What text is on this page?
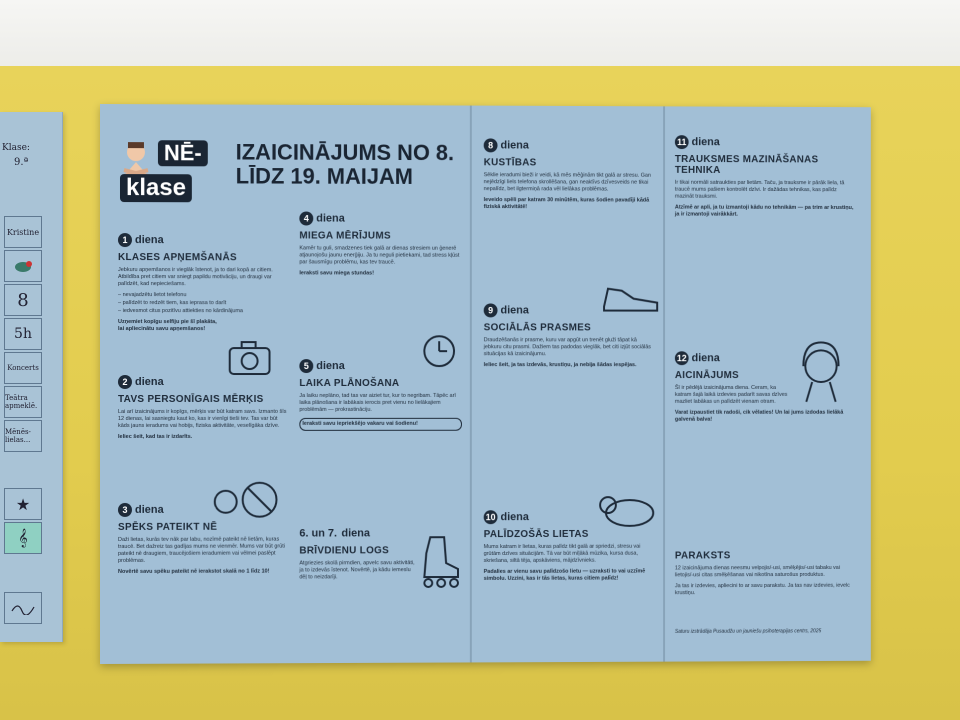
Klase:
9.ª
Kristine
8
5h
Koncerts
Teātra apmeklē.
Mēnēs-lielas...
★
𝄞
NĒ-
klase
IZAICINĀJUMS NO 8. LĪDZ 19. MAIJAM
1 diena
KLASES APŅEMŠANĀS
Jebkuru apņemšanos ir vieglāk īstenot, ja to dari kopā ar citiem. Atbildība pret citiem var sniegt papildu motivāciju, un draugi var palīdzēt, kad nepieciešams.
– nevajadzētu lietot telefonu
– palīdzēt to redzēt tiem, kas ieprasa to darīt
– iedvesmot citus pozitīvu attiekties no kārdinājuma
Uzņemiet kopīgu selfiju pie šī plakāta, lai apliecinātu savu apņemšanos!
2 diena
TAVS PERSONĪGAIS MĒRĶIS
Lai arī izaicinājums ir kopīgs, mērķis var būt katram savs. Izmanto šīs 12 dienas, lai sasniegtu kaut ko, kas ir vienīgi tieši tev. Tas var būt kāds jauns ieradums vai hobijs, fiziska aktivitāte, veselīgāka dzīve.
Ieliec šeit, kad tas ir izdarīts.
3 diena
SPĒKS PATEIKT NĒ
Daži lietas, kurās tev nāk par labu, nozīmē pateikt nē lietām, kuras traucē. Bet dažreiz tas gadījas mums ne vienmēr. Mums var būt grūti pateikt nē draugiem, traucējošiem ieradumiem vai vēlmei paslēpt problēmas.
Novērtē savu spēku pateikt nē ierakstot skalā no 1 līdz 10!
4 diena
MIEGA MĒRĪJUMS
Kamēr tu guli, smadzenes tiek galā ar dienas stresiem un ģenerē atjaunojošu jaunu enerģiju. Ja tu neguli pietiekami, tad stress kļūst par šausmīgu problēmu, kas tev traucē.
Ieraksti savu miega stundas!
5 diena
LAIKA PLĀNOŠANA
Ja laiku neplāno, tad tas var aiziet tur, kur to negribam. Tāpēc arī laika plānošana ir labākais ierocis pret vienu no lielākajiem problēmām — prokrastināciju.
Ieraksti savu iepriekšējo vakaru vai šodienu!
6. un 7. diena
BRĪVDIENU LOGS
Atgriezies skolā pirmdien, apvelc savu aktivitāti, ja to izdevās īstenot. Novērtē, ja kādu iemeslu dēļ to neizdarīji.
8 diena
KUSTĪBAS
Sēklie ieradumi bieži ir veidi, kā mēs mēģinām tikt galā ar stresu. Gan nejēdzīgi liels telefona skrollēšana, gan neaktīvs dzīvesveids ne tikai nepalīdz, bet ilgtermiņā rada vēl lielākas problēmas.
Ieveido spēli par katram 30 minūtēm, kuras šodien pavadīji kādā fiziskā aktivitātē!
9 diena
SOCIĀLĀS PRASMES
Draudzēšanās ir prasme, kuru var apgūt un trenēt gluži tāpat kā jebkuru citu prasmi. Dažiem tas padodas vieglāk, bet citi izjūt sociālās situācijas kā izaicinājumu.
Ieliec šeit, ja tas izdevās, krustiņu, ja nebija šādas iespējas.
10 diena
PALĪDZOŠĀS LIETAS
Mums katram ir lietas, kuras palīdz tikt galā ar spriedzi, stresu vai grūtām dzīves situācijām. Tā var būt mīļākā mūzika, kursa dusa, skriešana, siltā tēja, apskāviens, mājdzīvnieks.
Padalies ar vienu savu palīdzošo lietu — uzraksti to vai uzzīmē simbolu. Uzzini, kas ir tās lietas, kuras citiem palīdz!
11 diena
TRAUKSMES MAZINĀŠANAS TEHNIKA
Ir tikai normāli satraukties par lietām. Taču, ja trauksme ir pārāk liela, tā traucē mums pašiem kontrolēt dzīvi. Ir dažādas tehnikas, kas palīdz mazināt trauksmi.
Atzīmē ar apli, ja tu izmantoji kādu no tehnikām — pa trim ar krustiņu, ja ir izmantoji vairākkārt.
12 diena
AICINĀJUMS
Šī ir pēdējā izaicinājuma diena. Ceram, ka katram šajā laikā izdevies padarīt savas dzīves mazliet labākas un palīdzēt vienam otram.
Varat izpaustiet tik radoši, cik vēlaties! Un lai jums izdodas lielākā galvenā balva!
PARAKSTS
12 izaicinājuma dienas neesmu velpojis/-usi, smēķējis/-usi tabaku vai lietojis/-usi citas smēķēšanas vai nikotīna saturošus produktus.
Ja tas ir izdevies, apliecini to ar savu parakstu. Ja tas nav izdevies, ievelc krustiņu.
Saturu izstrādāja Pusaudžu un jauniešu psihoterapijas centrs, 2025
